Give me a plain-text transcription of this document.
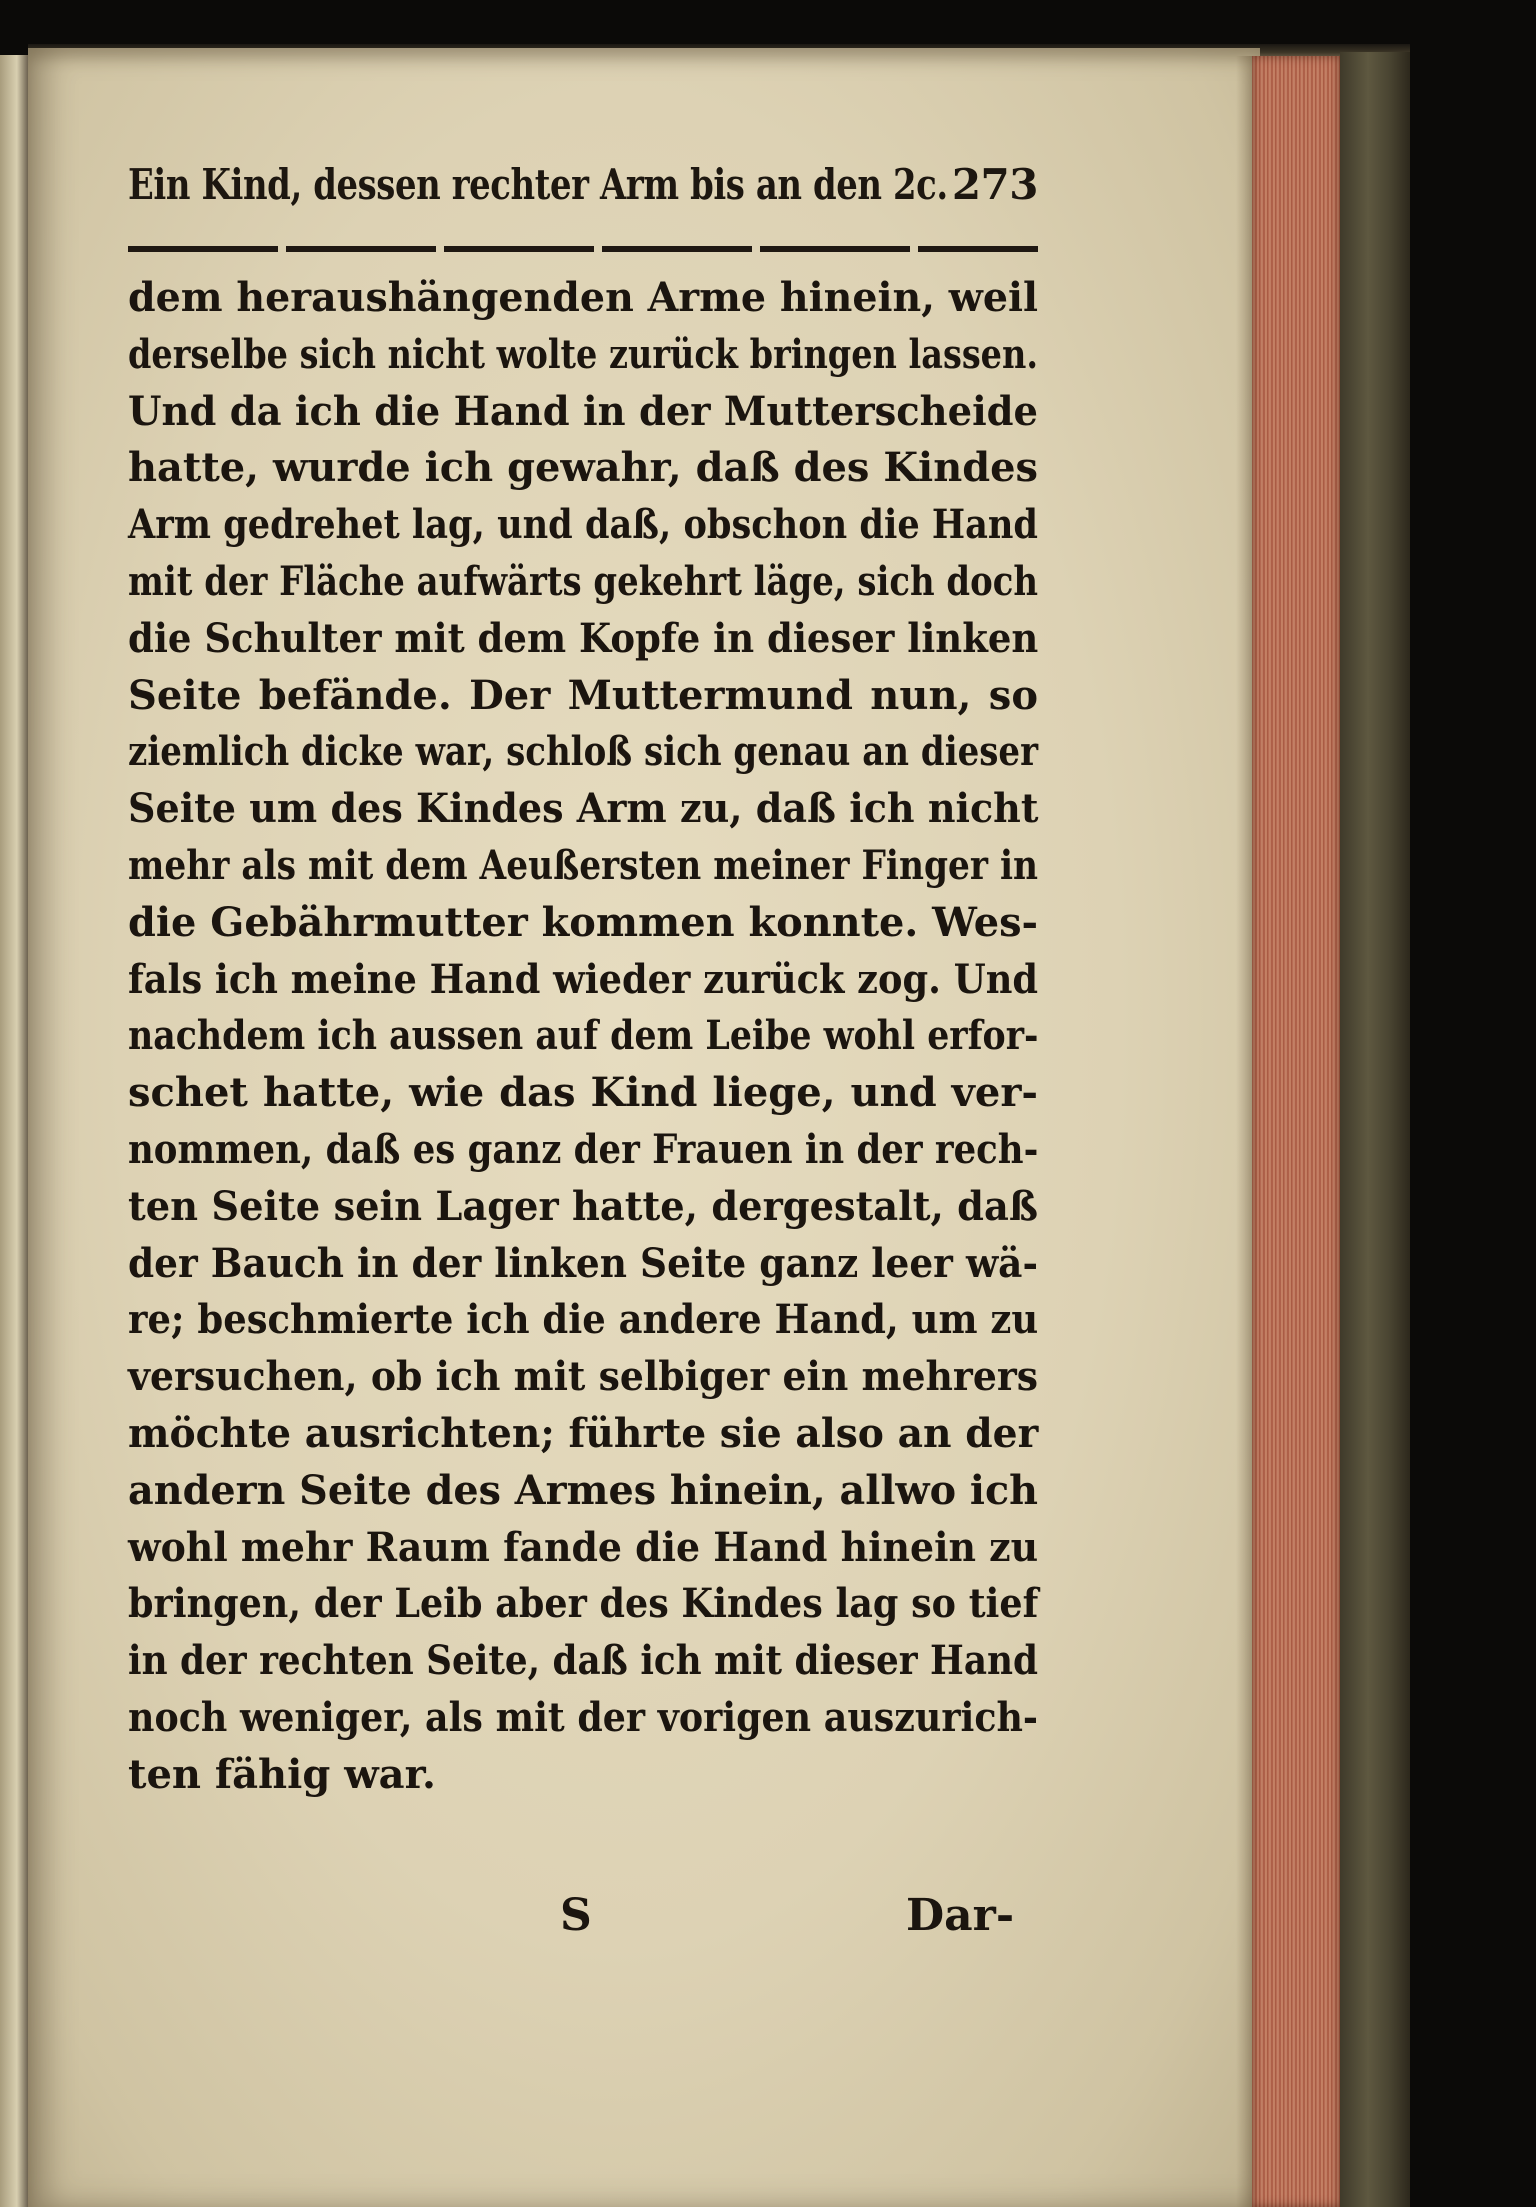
Ein Kind, dessen rechter Arm bis an den 2c. 273
dem heraushängenden Arme hinein, weil
derselbe sich nicht wolte zurück bringen lassen.
Und da ich die Hand in der Mutterscheide
hatte, wurde ich gewahr, daß des Kindes
Arm gedrehet lag, und daß, obschon die Hand
mit der Fläche aufwärts gekehrt läge, sich doch
die Schulter mit dem Kopfe in dieser linken
Seite befände. Der Muttermund nun, so
ziemlich dicke war, schloß sich genau an dieser
Seite um des Kindes Arm zu, daß ich nicht
mehr als mit dem Aeußersten meiner Finger in
die Gebährmutter kommen konnte. Wes-
fals ich meine Hand wieder zurück zog. Und
nachdem ich aussen auf dem Leibe wohl erfor-
schet hatte, wie das Kind liege, und ver-
nommen, daß es ganz der Frauen in der rech-
ten Seite sein Lager hatte, dergestalt, daß
der Bauch in der linken Seite ganz leer wä-
re; beschmierte ich die andere Hand, um zu
versuchen, ob ich mit selbiger ein mehrers
möchte ausrichten; führte sie also an der
andern Seite des Armes hinein, allwo ich
wohl mehr Raum fande die Hand hinein zu
bringen, der Leib aber des Kindes lag so tief
in der rechten Seite, daß ich mit dieser Hand
noch weniger, als mit der vorigen auszurich-
ten fähig war.
S	Dar-
